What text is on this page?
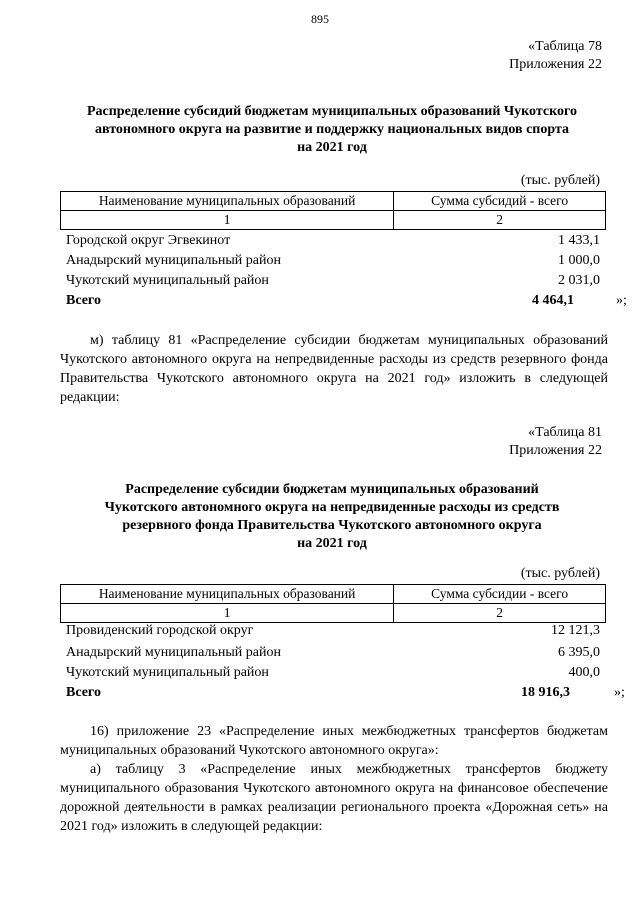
895
«Таблица 78
Приложения 22
Распределение субсидий бюджетам муниципальных образований Чукотского
автономного округа на развитие и поддержку национальных видов спорта
на 2021 год
(тыс. рублей)
Наименование муниципальных образований	Сумма субсидий - всего
1	2
Городской округ Эгвекинот	1 433,1
Анадырский муниципальный район	1 000,0
Чукотский муниципальный район	2 031,0
Всего	4 464,1	»;

м) таблицу 81 «Распределение субсидии бюджетам муниципальных образований Чукотского автономного округа на непредвиденные расходы из средств резервного фонда Правительства Чукотского автономного округа на 2021 год» изложить в следующей редакции:

«Таблица 81
Приложения 22
Распределение субсидии бюджетам муниципальных образований
Чукотского автономного округа на непредвиденные расходы из средств
резервного фонда Правительства Чукотского автономного округа
на 2021 год
(тыс. рублей)
Наименование муниципальных образований	Сумма субсидии - всего
1	2
Провиденский городской округ	12 121,3
Анадырский муниципальный район	6 395,0
Чукотский муниципальный район	400,0
Всего	18 916,3	»;

16) приложение 23 «Распределение иных межбюджетных трансфертов бюджетам муниципальных образований Чукотского автономного округа»:

а) таблицу 3 «Распределение иных межбюджетных трансфертов бюджету муниципального образования Чукотского автономного округа на финансовое обеспечение дорожной деятельности в рамках реализации регионального проекта «Дорожная сеть» на 2021 год» изложить в следующей редакции:
